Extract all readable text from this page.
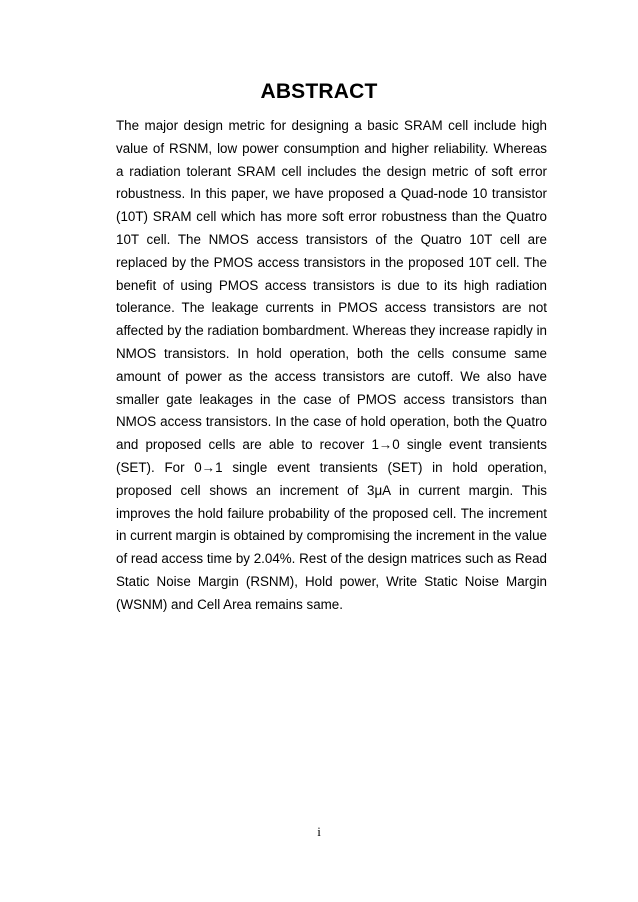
ABSTRACT

The major design metric for designing a basic SRAM cell include high value of RSNM, low power consumption and higher reliability. Whereas a radiation tolerant SRAM cell includes the design metric of soft error robustness. In this paper, we have proposed a Quad-node 10 transistor (10T) SRAM cell which has more soft error robustness than the Quatro 10T cell. The NMOS access transistors of the Quatro 10T cell are replaced by the PMOS access transistors in the proposed 10T cell. The benefit of using PMOS access transistors is due to its high radiation tolerance. The leakage currents in PMOS access transistors are not affected by the radiation bombardment. Whereas they increase rapidly in NMOS transistors. In hold operation, both the cells consume same amount of power as the access transistors are cutoff. We also have smaller gate leakages in the case of PMOS access transistors than NMOS access transistors. In the case of hold operation, both the Quatro and proposed cells are able to recover 1→0 single event transients (SET). For 0→1 single event transients (SET) in hold operation, proposed cell shows an increment of 3μA in current margin. This improves the hold failure probability of the proposed cell. The increment in current margin is obtained by compromising the increment in the value of read access time by 2.04%. Rest of the design matrices such as Read Static Noise Margin (RSNM), Hold power, Write Static Noise Margin (WSNM) and Cell Area remains same.

i
